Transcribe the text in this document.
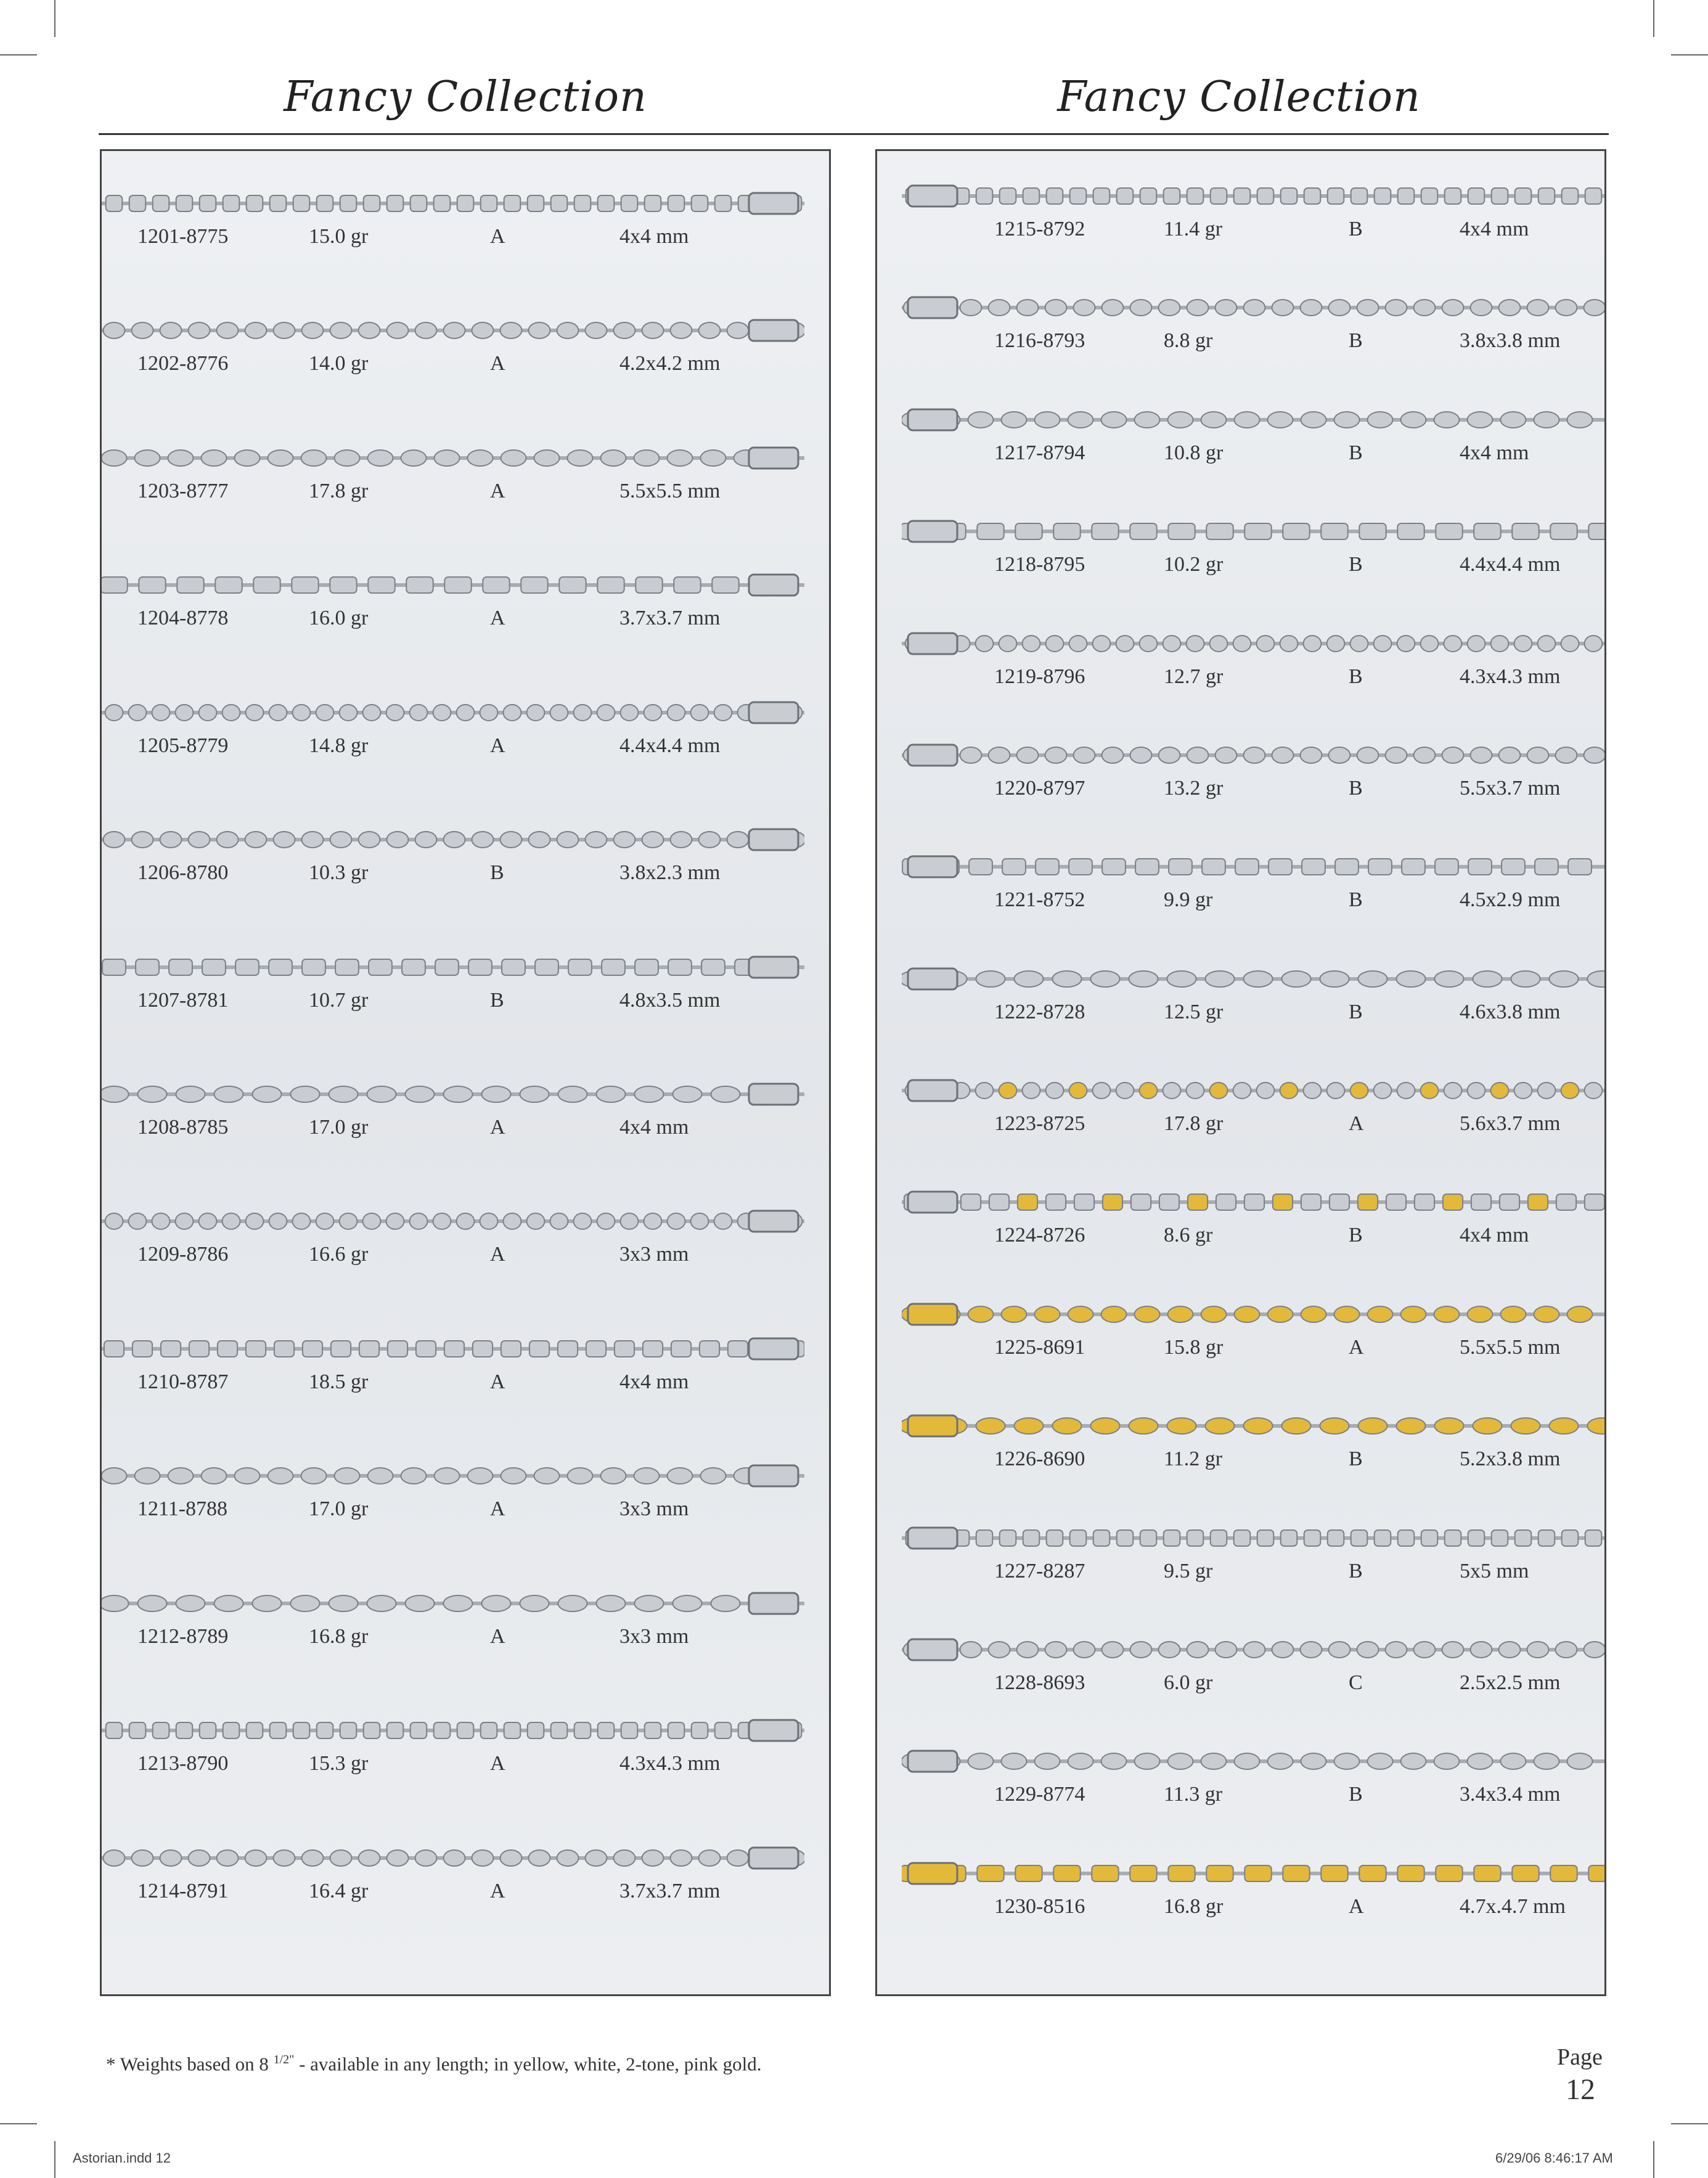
Fancy Collection	Fancy Collection
1201-8775	15.0 gr	A	4x4 mm
1202-8776	14.0 gr	A	4.2x4.2 mm
1203-8777	17.8 gr	A	5.5x5.5 mm
1204-8778	16.0 gr	A	3.7x3.7 mm
1205-8779	14.8 gr	A	4.4x4.4 mm
1206-8780	10.3 gr	B	3.8x2.3 mm
1207-8781	10.7 gr	B	4.8x3.5 mm
1208-8785	17.0 gr	A	4x4 mm
1209-8786	16.6 gr	A	3x3 mm
1210-8787	18.5 gr	A	4x4 mm
1211-8788	17.0 gr	A	3x3 mm
1212-8789	16.8 gr	A	3x3 mm
1213-8790	15.3 gr	A	4.3x4.3 mm
1214-8791	16.4 gr	A	3.7x3.7 mm
1215-8792	11.4 gr	B	4x4 mm
1216-8793	8.8 gr	B	3.8x3.8 mm
1217-8794	10.8 gr	B	4x4 mm
1218-8795	10.2 gr	B	4.4x4.4 mm
1219-8796	12.7 gr	B	4.3x4.3 mm
1220-8797	13.2 gr	B	5.5x3.7 mm
1221-8752	9.9 gr	B	4.5x2.9 mm
1222-8728	12.5 gr	B	4.6x3.8 mm
1223-8725	17.8 gr	A	5.6x3.7 mm
1224-8726	8.6 gr	B	4x4 mm
1225-8691	15.8 gr	A	5.5x5.5 mm
1226-8690	11.2 gr	B	5.2x3.8 mm
1227-8287	9.5 gr	B	5x5 mm
1228-8693	6.0 gr	C	2.5x2.5 mm
1229-8774	11.3 gr	B	3.4x3.4 mm
1230-8516	16.8 gr	A	4.7x.4.7 mm
* Weights based on 8 $^{1/2"}$ - available in any length; in yellow, white, 2-tone, pink gold.	Page
12
Astorian.indd 12	6/29/06 8:46:17 AM
